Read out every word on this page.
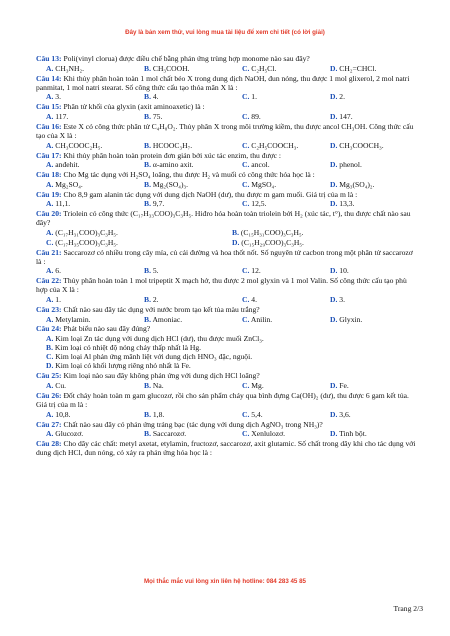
Đây là bản xem thử, vui lòng mua tài liệu để xem chi tiết (có lời giải)

Câu 13: Poli(vinyl clorua) được điều chế bằng phản ứng trùng hợp monome nào sau đây?

A. CH₃NH₂.	B. CH₃COOH.	C. C₂H₅Cl.	D. CH₂=CHCl.

Câu 14: Khi thủy phân hoàn toàn 1 mol chất béo X trong dung dịch NaOH, đun nóng, thu được 1 mol glixerol, 2 mol natri panmitat, 1 mol natri stearat. Số công thức cấu tạo thỏa mãn X là :

A. 3.	B. 4.	C. 1.	D. 2.

Câu 15: Phân tử khối của glyxin (axit aminoaxetic) là :

A. 117.	B. 75.	C. 89.	D. 147.

Câu 16: Este X có công thức phân tử C₄H₈O₂. Thủy phân X trong môi trường kiềm, thu được ancol CH₃OH. Công thức cấu tạo của X là :

A. CH₃COOC₂H₅.	B. HCOOC₃H₇.	C. C₂H₅COOCH₃.	D. CH₃COOCH₃.

Câu 17: Khi thủy phân hoàn toàn protein đơn giản bởi xúc tác enzim, thu được :

A. anđehit.	B. α-amino axit.	C. ancol.	D. phenol.

Câu 18: Cho Mg tác dụng với H₂SO₄ loãng, thu được H₂ và muối có công thức hóa học là :

A. Mg₂SO₄.	B. Mg₂(SO₄)₃.	C. MgSO₄.	D. Mg₃(SO₄)₂.

Câu 19: Cho 8,9 gam alanin tác dụng với dung dịch NaOH (dư), thu được m gam muối. Giá trị của m là :

A. 11,1.	B. 9,7.	C. 12,5.	D. 13,3.

Câu 20: Triolein có công thức (C₁₇H₃₃COO)₃C₃H₅. Hiđro hóa hoàn toàn triolein bởi H₂ (xúc tác, t°), thu được chất nào sau đây?

A. (C₁₇H₃₁COO)₃C₃H₅.	B. (C₁₅H₃₁COO)₃C₃H₅.
C. (C₁₇H₃₅COO)₃C₃H₅.	D. (C₁₅H₂₉COO)₃C₃H₅.

Câu 21: Saccarozơ có nhiều trong cây mía, củ cải đường và hoa thốt nốt. Số nguyên tử cacbon trong một phân tử saccarozơ là :

A. 6.	B. 5.	C. 12.	D. 10.

Câu 22: Thủy phân hoàn toàn 1 mol tripeptit X mạch hở, thu được 2 mol glyxin và 1 mol Valin. Số công thức cấu tạo phù hợp của X là :

A. 1.	B. 2.	C. 4.	D. 3.

Câu 23: Chất nào sau đây tác dụng với nước brom tạo kết tủa màu trắng?

A. Metylamin.	B. Amoniac.	C. Anilin.	D. Glyxin.

Câu 24: Phát biểu nào sau đây đúng?

A. Kim loại Zn tác dụng với dung dịch HCl (dư), thu được muối ZnCl₃.
B. Kim loại có nhiệt độ nóng chảy thấp nhất là Hg.
C. Kim loại Al phản ứng mãnh liệt với dung dịch HNO₃ đặc, nguội.
D. Kim loại có khối lượng riêng nhỏ nhất là Fe.

Câu 25: Kim loại nào sau đây không phản ứng với dung dịch HCl loãng?

A. Cu.	B. Na.	C. Mg.	D. Fe.

Câu 26: Đốt cháy hoàn toàn m gam glucozơ, rồi cho sản phẩm cháy qua bình đựng Ca(OH)₂ (dư), thu được 6 gam kết tủa. Giá trị của m là :

A. 10,8.	B. 1,8.	C. 5,4.	D. 3,6.

Câu 27: Chất nào sau đây có phản ứng tráng bạc (tác dụng với dung dịch AgNO₃ trong NH₃)?

A. Glucozơ.	B. Saccarozơ.	C. Xenlulozơ.	D. Tinh bột.

Câu 28: Cho dãy các chất: metyl axetat, etylamin, fructozơ, saccarozơ, axit glutamic. Số chất trong dãy khi cho tác dụng với dung dịch HCl, đun nóng, có xảy ra phản ứng hóa học là :

Mọi thắc mắc vui lòng xin liên hệ hotline: 084 283 45 85
Trang 2/3
